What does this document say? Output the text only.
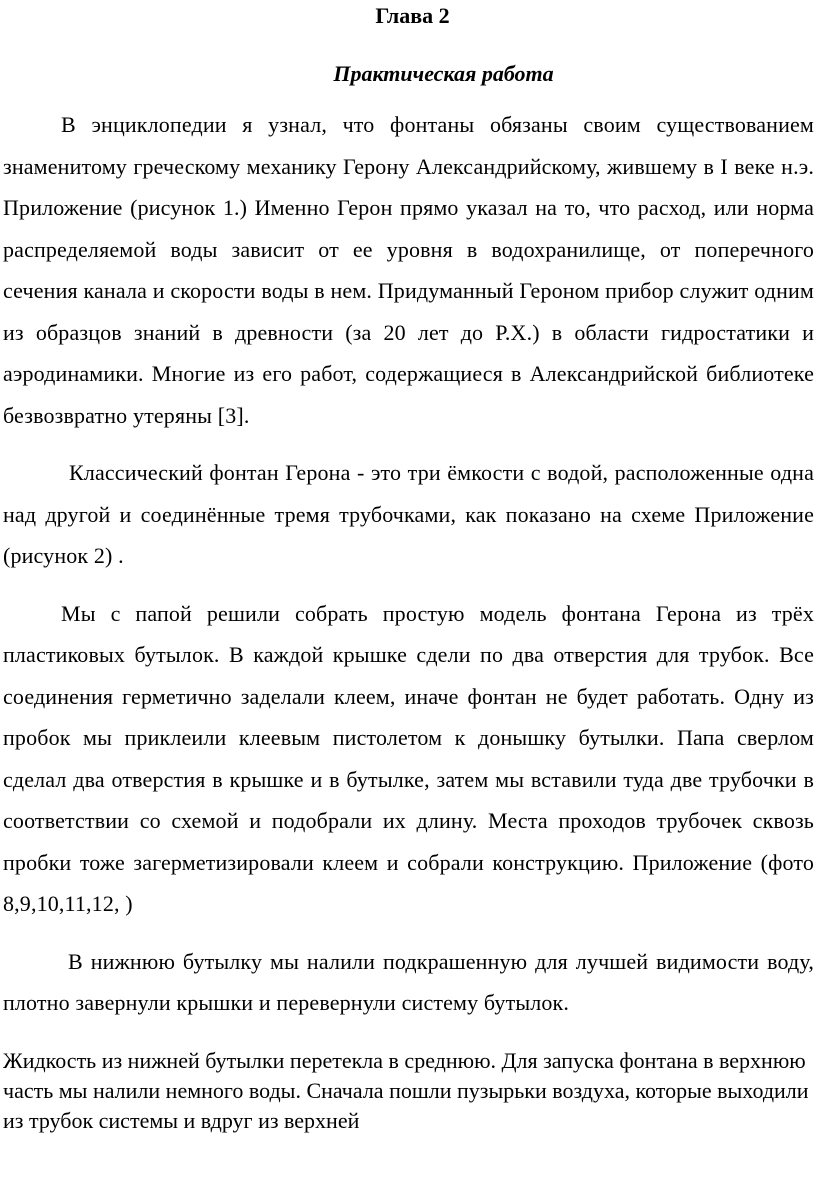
Глава 2
Практическая работа

В энциклопедии я узнал, что фонтаны обязаны своим существованием знаменитому греческому механику Герону Александрийскому, жившему в I веке н.э. Приложение (рисунок 1.) Именно Герон прямо указал на то, что расход, или норма распределяемой воды зависит от ее уровня в водохранилище, от поперечного сечения канала и скорости воды в нем. Придуманный Героном прибор служит одним из образцов знаний в древности (за 20 лет до Р.Х.) в области гидростатики и аэродинамики. Многие из его работ, содержащиеся в Александрийской библиотеке безвозвратно утеряны [3].

Классический фонтан Герона - это три ёмкости с водой, расположенные одна над другой и соединённые тремя трубочками, как показано на схеме Приложение (рисунок 2) .

Мы с папой решили собрать простую модель фонтана Герона из трёх пластиковых бутылок. В каждой крышке сдели по два отверстия для трубок. Все соединения герметично заделали клеем, иначе фонтан не будет работать. Одну из пробок мы приклеили клеевым пистолетом к донышку бутылки. Папа сверлом сделал два отверстия в крышке и в бутылке, затем мы вставили туда две трубочки в соответствии со схемой и подобрали их длину. Места проходов трубочек сквозь пробки тоже загерметизировали клеем и собрали конструкцию. Приложение (фото 8,9,10,11,12, )

В нижнюю бутылку мы налили подкрашенную для лучшей видимости воду, плотно завернули крышки и перевернули систему бутылок.

Жидкость из нижней бутылки перетекла в среднюю. Для запуска фонтана в верхнюю часть мы налили немного воды. Сначала пошли пузырьки воздуха, которые выходили из трубок системы и вдруг из верхней
